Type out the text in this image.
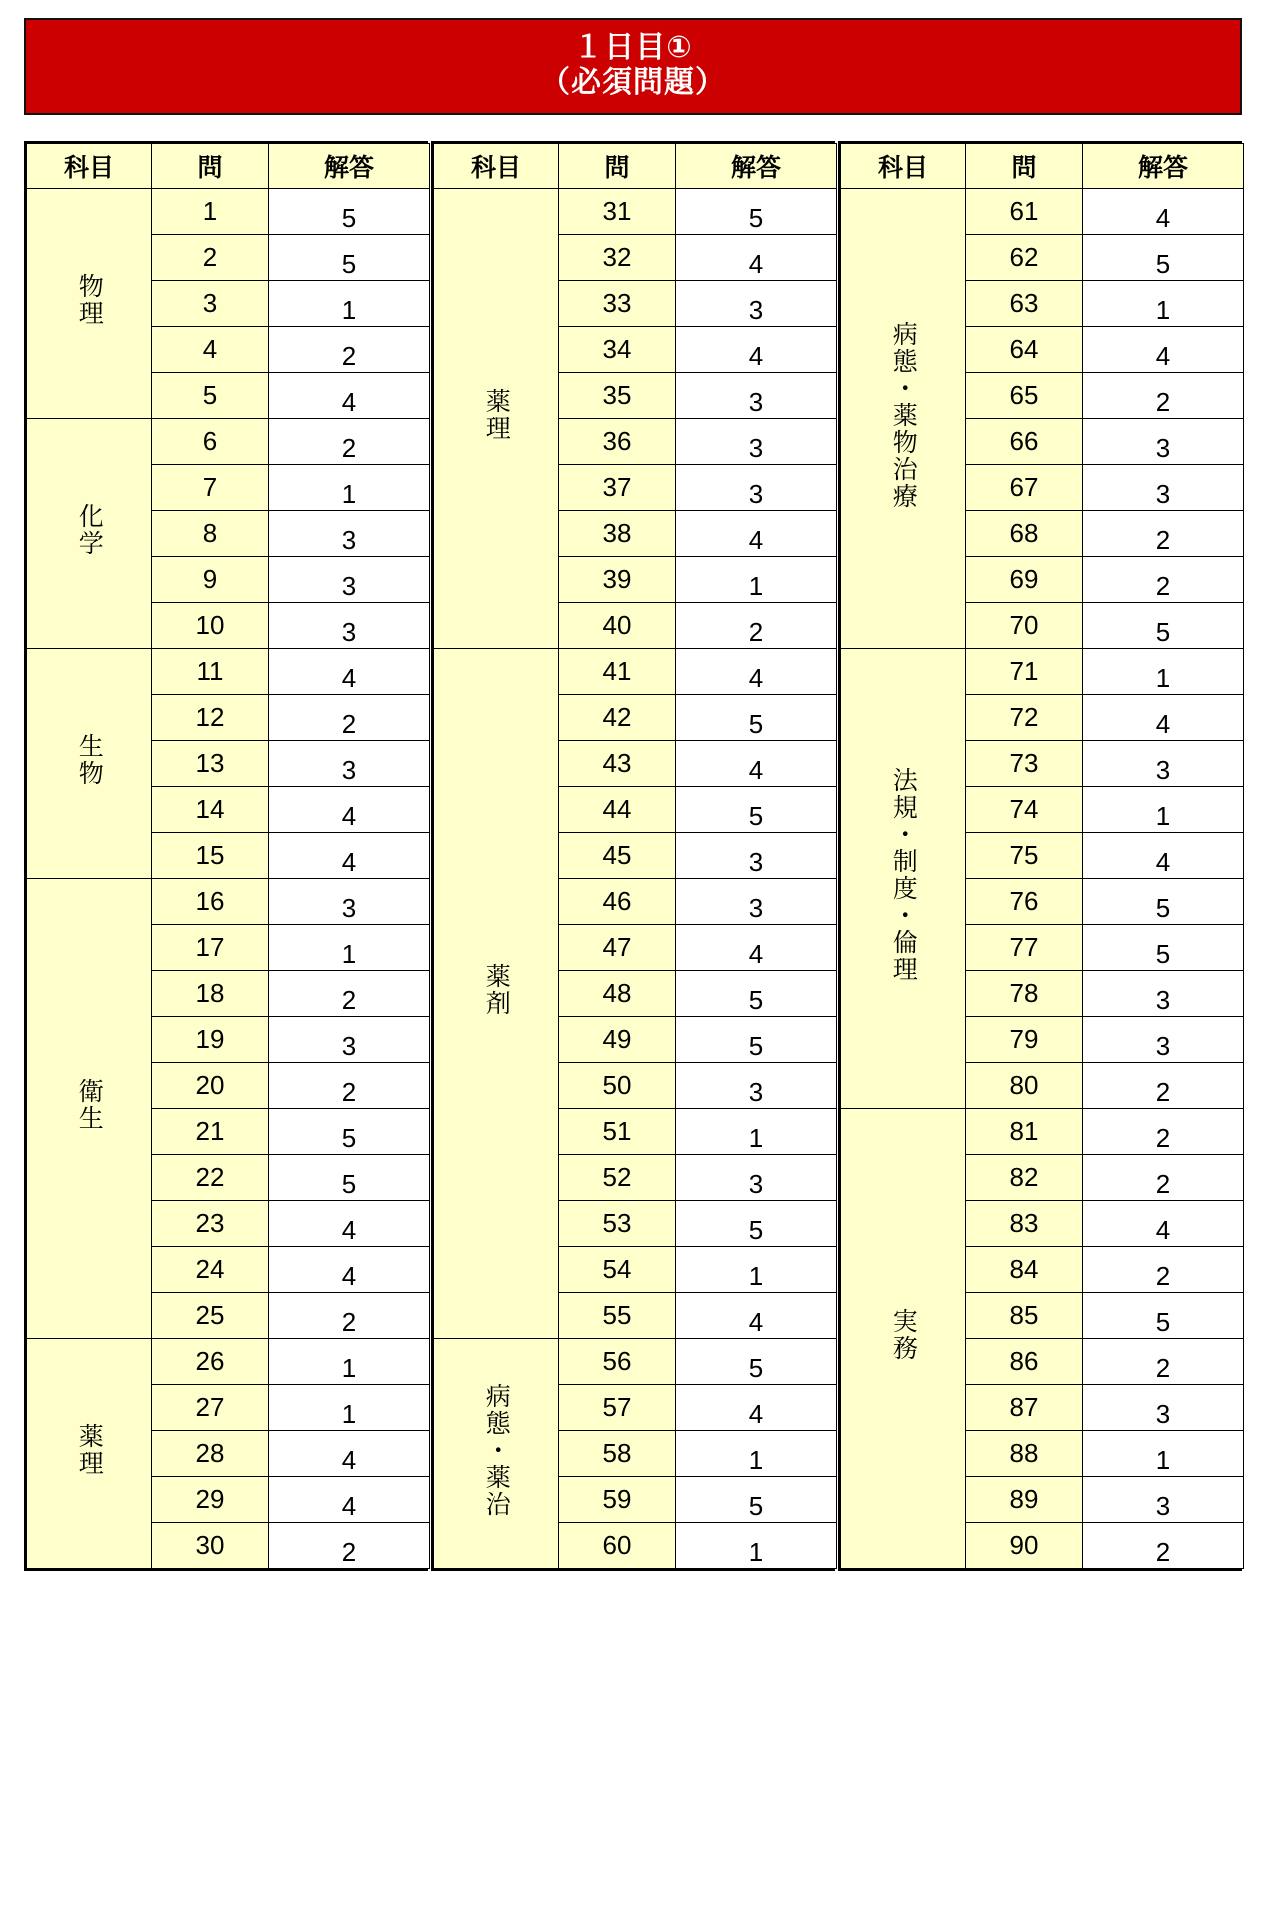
１日目①
（必須問題）
科目	問	解答
物理	1	5
	2	5
	3	1
	4	2
	5	4
化学	6	2
	7	1
	8	3
	9	3
	10	3
生物	11	4
	12	2
	13	3
	14	4
	15	4
衛生	16	3
	17	1
	18	2
	19	3
	20	2
	21	5
	22	5
	23	4
	24	4
	25	2
薬理	26	1
	27	1
	28	4
	29	4
	30	2

科目	問	解答
薬理	31	5
	32	4
	33	3
	34	4
	35	3
	36	3
	37	3
	38	4
	39	1
	40	2
薬剤	41	4
	42	5
	43	4
	44	5
	45	3
	46	3
	47	4
	48	5
	49	5
	50	3
	51	1
	52	3
	53	5
	54	1
	55	4
病態・薬治	56	5
	57	4
	58	1
	59	5
	60	1

科目	問	解答
病態・薬物治療	61	4
	62	5
	63	1
	64	4
	65	2
	66	3
	67	3
	68	2
	69	2
	70	5
法規・制度・倫理	71	1
	72	4
	73	3
	74	1
	75	4
	76	5
	77	5
	78	3
	79	3
	80	2
実務	81	2
	82	2
	83	4
	84	2
	85	5
	86	2
	87	3
	88	1
	89	3
	90	2
